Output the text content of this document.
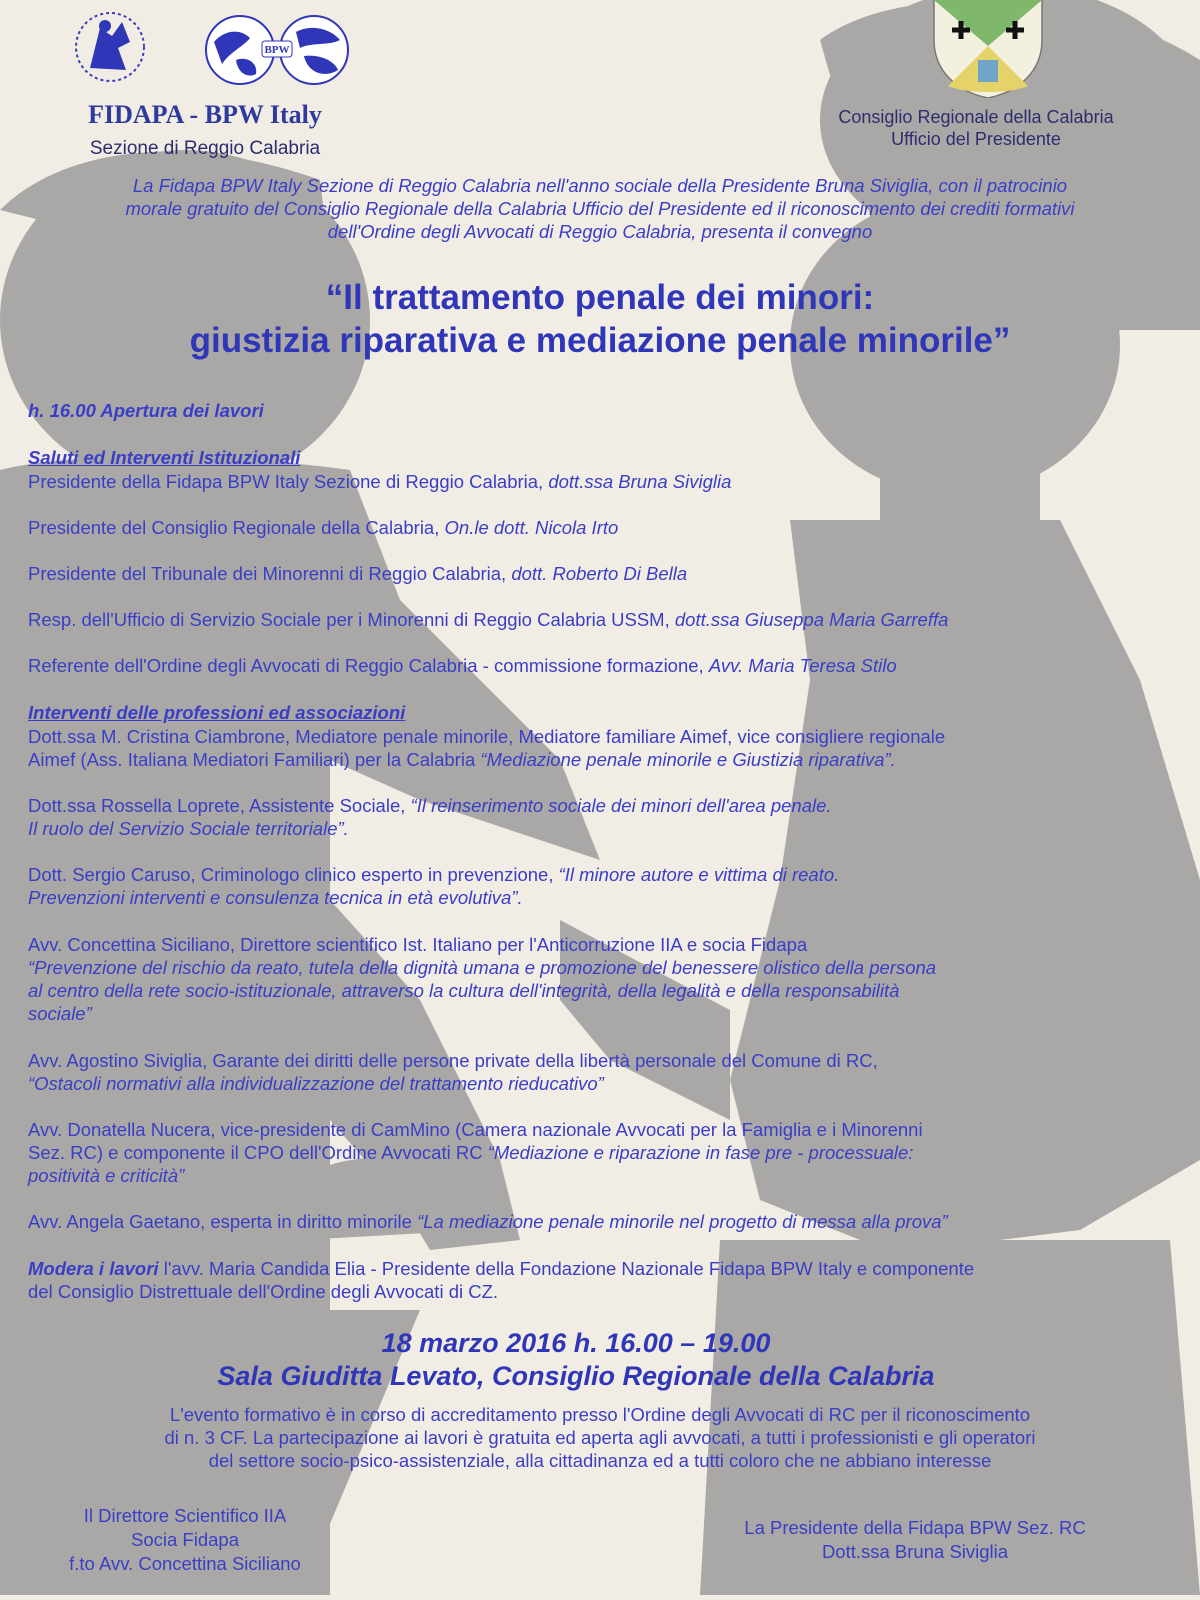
BPW
FIDAPA - BPW Italy
Sezione di Reggio Calabria
Consiglio Regionale della Calabria
Ufficio del Presidente
La Fidapa BPW Italy Sezione di Reggio Calabria nell'anno sociale della Presidente Bruna Siviglia, con il patrocinio
morale gratuito del Consiglio Regionale della Calabria Ufficio del Presidente ed il riconoscimento dei crediti formativi
dell'Ordine degli Avvocati di Reggio Calabria, presenta il convegno
“Il trattamento penale dei minori:
giustizia riparativa e mediazione penale minorile”
h. 16.00 Apertura dei lavori
Saluti ed Interventi Istituzionali
Presidente della Fidapa BPW Italy Sezione di Reggio Calabria, dott.ssa Bruna Siviglia
Presidente del Consiglio Regionale della Calabria, On.le dott. Nicola Irto
Presidente del Tribunale dei Minorenni di Reggio Calabria, dott. Roberto Di Bella
Resp. dell'Ufficio di Servizio Sociale per i Minorenni di Reggio Calabria USSM, dott.ssa Giuseppa Maria Garreffa
Referente dell'Ordine degli Avvocati di Reggio Calabria - commissione formazione, Avv. Maria Teresa Stilo
Interventi delle professioni ed associazioni
Dott.ssa M. Cristina Ciambrone, Mediatore penale minorile, Mediatore familiare Aimef, vice consigliere regionale
Aimef (Ass. Italiana Mediatori Familiari) per la Calabria “Mediazione penale minorile e Giustizia riparativa”.
Dott.ssa Rossella Loprete, Assistente Sociale, “Il reinserimento sociale dei minori dell'area penale.
Il ruolo del Servizio Sociale territoriale”.
Dott. Sergio Caruso, Criminologo clinico esperto in prevenzione, “Il minore autore e vittima di reato.
Prevenzioni interventi e consulenza tecnica in età evolutiva”.
Avv. Concettina Siciliano, Direttore scientifico Ist. Italiano per l'Anticorruzione IIA e socia Fidapa
“Prevenzione del rischio da reato, tutela della dignità umana e promozione del benessere olistico della persona
al centro della rete socio-istituzionale, attraverso la cultura dell'integrità, della legalità e della responsabilità
sociale”
Avv. Agostino Siviglia, Garante dei diritti delle persone private della libertà personale del Comune di RC,
“Ostacoli normativi alla individualizzazione del trattamento rieducativo”
Avv. Donatella Nucera, vice-presidente di CamMino (Camera nazionale Avvocati per la Famiglia e i Minorenni
Sez. RC) e componente il CPO dell'Ordine Avvocati RC “Mediazione e riparazione in fase pre - processuale:
positività e criticità”
Avv. Angela Gaetano, esperta in diritto minorile “La mediazione penale minorile nel progetto di messa alla prova”
Modera i lavori l'avv. Maria Candida Elia - Presidente della Fondazione Nazionale Fidapa BPW Italy e componente
del Consiglio Distrettuale dell'Ordine degli Avvocati di CZ.
18 marzo 2016 h. 16.00 – 19.00
Sala Giuditta Levato, Consiglio Regionale della Calabria
L'evento formativo è in corso di accreditamento presso l'Ordine degli Avvocati di RC per il riconoscimento
di n. 3 CF. La partecipazione ai lavori è gratuita ed aperta agli avvocati, a tutti i professionisti e gli operatori
del settore socio-psico-assistenziale, alla cittadinanza ed a tutti coloro che ne abbiano interesse
Il Direttore Scientifico IIA
Socia Fidapa
f.to Avv. Concettina Siciliano
La Presidente della Fidapa BPW Sez. RC
Dott.ssa Bruna Siviglia
